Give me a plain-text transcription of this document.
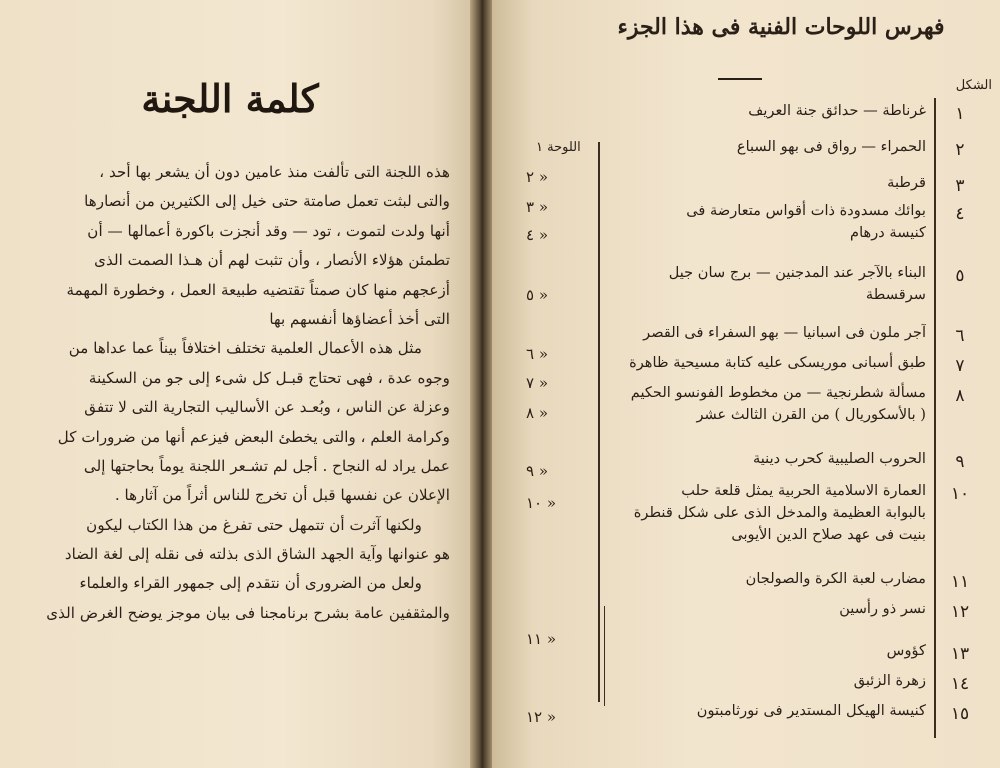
كلمة اللجنة
هذه اللجنة التى تألفت منذ عامين دون أن يشعر بها أحد ،
والتى لبثت تعمل صامتة حتى خيل إلى الكثيرين من أنصارها
أنها ولدت لتموت ، تود — وقد أنجزت باكورة أعمالها — أن
تطمئن هؤلاء الأنصار ، وأن تثبت لهم أن هـذا الصمت الذى
أزعجهم منها كان صمتاً تقتضيه طبيعة العمل ، وخطورة المهمة
التى أخذ أعضاؤها أنفسهم بها
مثل هذه الأعمال العلمية تختلف اختلافاً بيناً عما عداها من
وجوه عدة ، فهى تحتاج قبـل كل شىء إلى جو من السكينة
وعزلة عن الناس ، وبُعـد عن الأساليب التجارية التى لا تتفق
وكرامة العلم ، والتى يخطئ البعض فيزعم أنها من ضرورات كل
عمل يراد له النجاح . أجل لم تشـعر اللجنة يوماً بحاجتها إلى
الإعلان عن نفسها قبل أن تخرج للناس أثراً من آثارها .
ولكنها آثرت أن تتمهل حتى تفرغ من هذا الكتاب ليكون
هو عنوانها وآية الجهد الشاق الذى بذلته فى نقله إلى لغة الضاد
ولعل من الضرورى أن نتقدم إلى جمهور القراء والعلماء
والمثقفين عامة بشرح برنامجنا فى بيان موجز يوضح الغرض الذى
فهرس اللوحات الفنية فى هذا الجزء
الشكل
اللوحة ١
١
غرناطة — حدائق جنة العريف
٢
« ٢
الحمراء — رواق فى بهو السباع
٣
« ٣
قرطبة
٤
« ٤
بوائك مسدودة ذات أقواس متعارضة فى
كنيسة درهام
٥
« ٥
البناء بالآجر عند المدجنين — برج سان جيل
سرقسطة
٦
« ٦
آجر ملون فى اسبانيا — بهو السفراء فى القصر
٧
« ٧
طبق أسبانى موريسكى عليه كتابة مسيحية ظاهرة
٨
« ٨
مسألة شطرنجية — من مخطوط الفونسو الحكيم
( بالأسكوريال ) من القرن الثالث عشر
٩
« ٩
الحروب الصليبية كحرب دينية
١٠
« ١٠
العمارة الاسلامية الحربية يمثل قلعة حلب
بالبوابة العظيمة والمدخل الذى على شكل قنطرة
بنيت فى عهد صلاح الدين الأيوبى
١١
مضارب لعبة الكرة والصولجان
١٢
نسر ذو رأسين
١٣
« ١١
كؤوس
١٤
زهرة الزئبق
١٥
« ١٢	كنيسة الهيكل المستدير فى نورثامبتون
